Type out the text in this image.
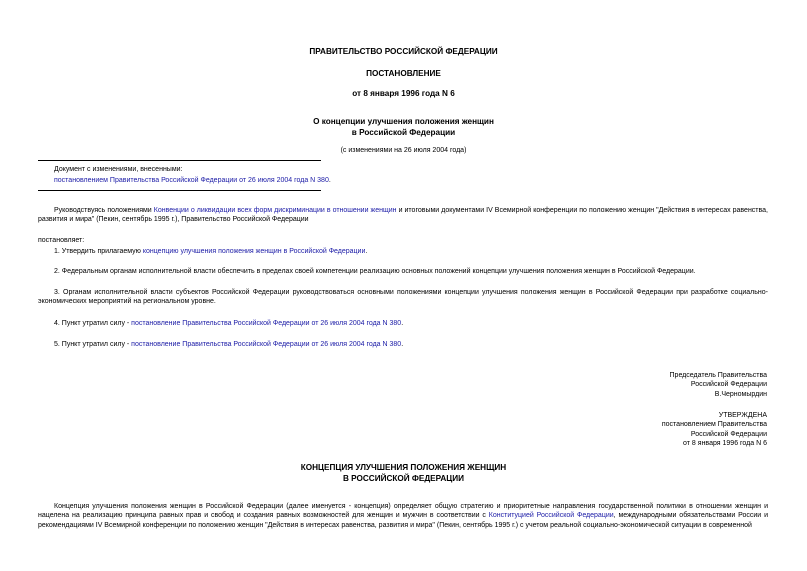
ПРАВИТЕЛЬСТВО РОССИЙСКОЙ ФЕДЕРАЦИИ
ПОСТАНОВЛЕНИЕ
от 8 января 1996 года N 6
О концепции улучшения положения женщин
в Российской Федерации
(с изменениями на 26 июля 2004 года)
Документ с изменениями, внесенными:
постановлением Правительства Российской Федерации от 26 июля 2004 года N 380.
Руководствуясь положениями Конвенции о ликвидации всех форм дискриминации в отношении женщин и итоговыми документами IV Всемирной конференции по положению женщин "Действия в интересах равенства, развития и мира" (Пекин, сентябрь 1995 г.), Правительство Российской Федерации
постановляет:
1. Утвердить прилагаемую концепцию улучшения положения женщин в Российской Федерации.
2. Федеральным органам исполнительной власти обеспечить в пределах своей компетенции реализацию основных положений концепции улучшения положения женщин в Российской Федерации.
3. Органам исполнительной власти субъектов Российской Федерации руководствоваться основными положениями концепции улучшения положения женщин в Российской Федерации при разработке социально-экономических мероприятий на региональном уровне.
4. Пункт утратил силу - постановление Правительства Российской Федерации от 26 июля 2004 года N 380.
5. Пункт утратил силу - постановление Правительства Российской Федерации от 26 июля 2004 года N 380.
Председатель Правительства
Российской Федерации
В.Черномырдин
УТВЕРЖДЕНА
постановлением Правительства
Российской Федерации
от 8 января 1996 года N 6
КОНЦЕПЦИЯ УЛУЧШЕНИЯ ПОЛОЖЕНИЯ ЖЕНЩИН
В РОССИЙСКОЙ ФЕДЕРАЦИИ
Концепция улучшения положения женщин в Российской Федерации (далее именуется - концепция) определяет общую стратегию и приоритетные направления государственной политики в отношении женщин и нацелена на реализацию принципа равных прав и свобод и создания равных возможностей для женщин и мужчин в соответствии с Конституцией Российской Федерации, международными обязательствами России и рекомендациями IV Всемирной конференции по положению женщин "Действия в интересах равенства, развития и мира" (Пекин, сентябрь 1995 г.) с учетом реальной социально-экономической ситуации в современной
